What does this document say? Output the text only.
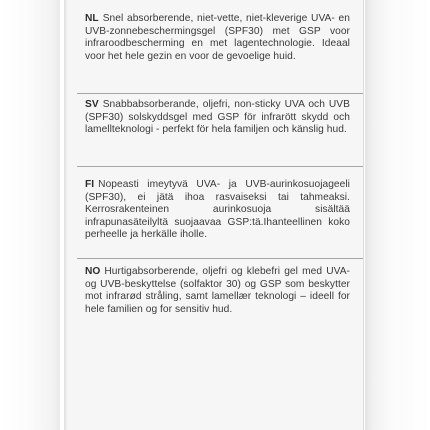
NL Snel absorberende, niet-vette, niet-kleverige UVA- en UVB-zonnebeschermingsgel (SPF30) met GSP voor infraroodbescherming en met lagentechnologie. Ideaal voor het hele gezin en voor de gevoelige huid.

SV Snabbabsorberande, oljefri, non-sticky UVA och UVB (SPF30) solskyddsgel med GSP för infrarött skydd och lamellteknologi - perfekt för hela familjen och känslig hud.

FI Nopeasti imeytyvä UVA- ja UVB-aurinkosuojageeli (SPF30), ei jätä ihoa rasvaiseksi tai tahmeaksi. Kerrosrakenteinen aurinkosuoja sisältää infrapunasäteilyltä suojaavaa GSP:tä.Ihanteellinen koko perheelle ja herkälle iholle.

NO Hurtigabsorberende, oljefri og klebefri gel med UVA- og UVB-beskyttelse (solfaktor 30) og GSP som beskytter mot infrarød stråling, samt lamellær teknologi – ideell for hele familien og for sensitiv hud.
